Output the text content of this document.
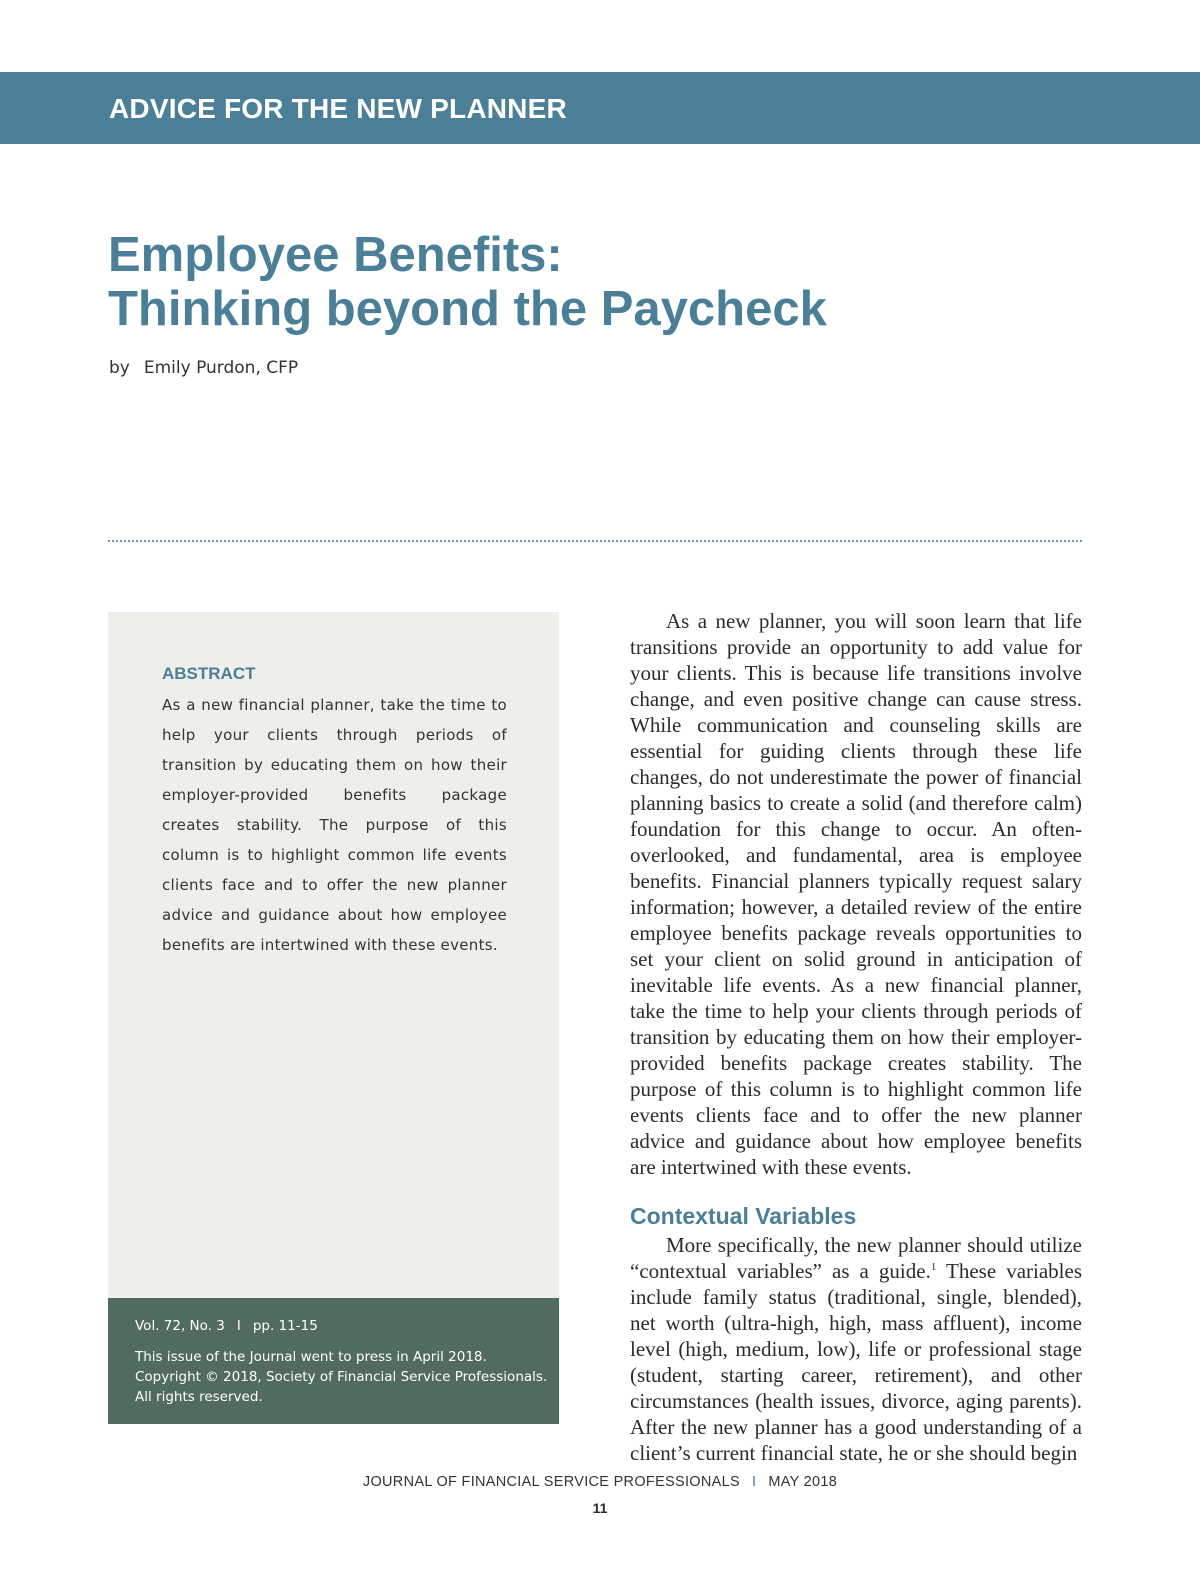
ADVICE FOR THE NEW PLANNER
Employee Benefits:
Thinking beyond the Paycheck
by Emily Purdon, CFP
ABSTRACT
As a new financial planner, take the time to help your clients through periods of transition by educating them on how their employer-provided benefits package creates stability. The purpose of this column is to highlight common life events clients face and to offer the new planner advice and guidance about how employee benefits are intertwined with these events.
Vol. 72, No. 3 I pp. 11-15
This issue of the Journal went to press in April 2018. Copyright © 2018, Society of Financial Service Professionals. All rights reserved.

As a new planner, you will soon learn that life transitions provide an opportunity to add value for your clients. This is because life transitions involve change, and even positive change can cause stress. While communication and counseling skills are essential for guiding clients through these life changes, do not underestimate the power of financial planning basics to create a solid (and therefore calm) foundation for this change to occur. An often-overlooked, and fundamental, area is employee benefits. Financial planners typically request salary information; however, a detailed review of the entire employee benefits package reveals opportunities to set your client on solid ground in anticipation of inevitable life events. As a new financial planner, take the time to help your clients through periods of transition by educating them on how their employer-provided benefits package creates stability. The purpose of this column is to highlight common life events clients face and to offer the new planner advice and guidance about how employee benefits are intertwined with these events.

Contextual Variables

More specifically, the new planner should utilize “contextual variables” as a guide.$^1$ These variables include family status (traditional, single, blended), net worth (ultra-high, high, mass affluent), income level (high, medium, low), life or professional stage (student, starting career, retirement), and other circumstances (health issues, divorce, aging parents). After the new planner has a good understanding of a client’s current financial state, he or she should begin

JOURNAL OF FINANCIAL SERVICE PROFESSIONALS I MAY 2018
11
